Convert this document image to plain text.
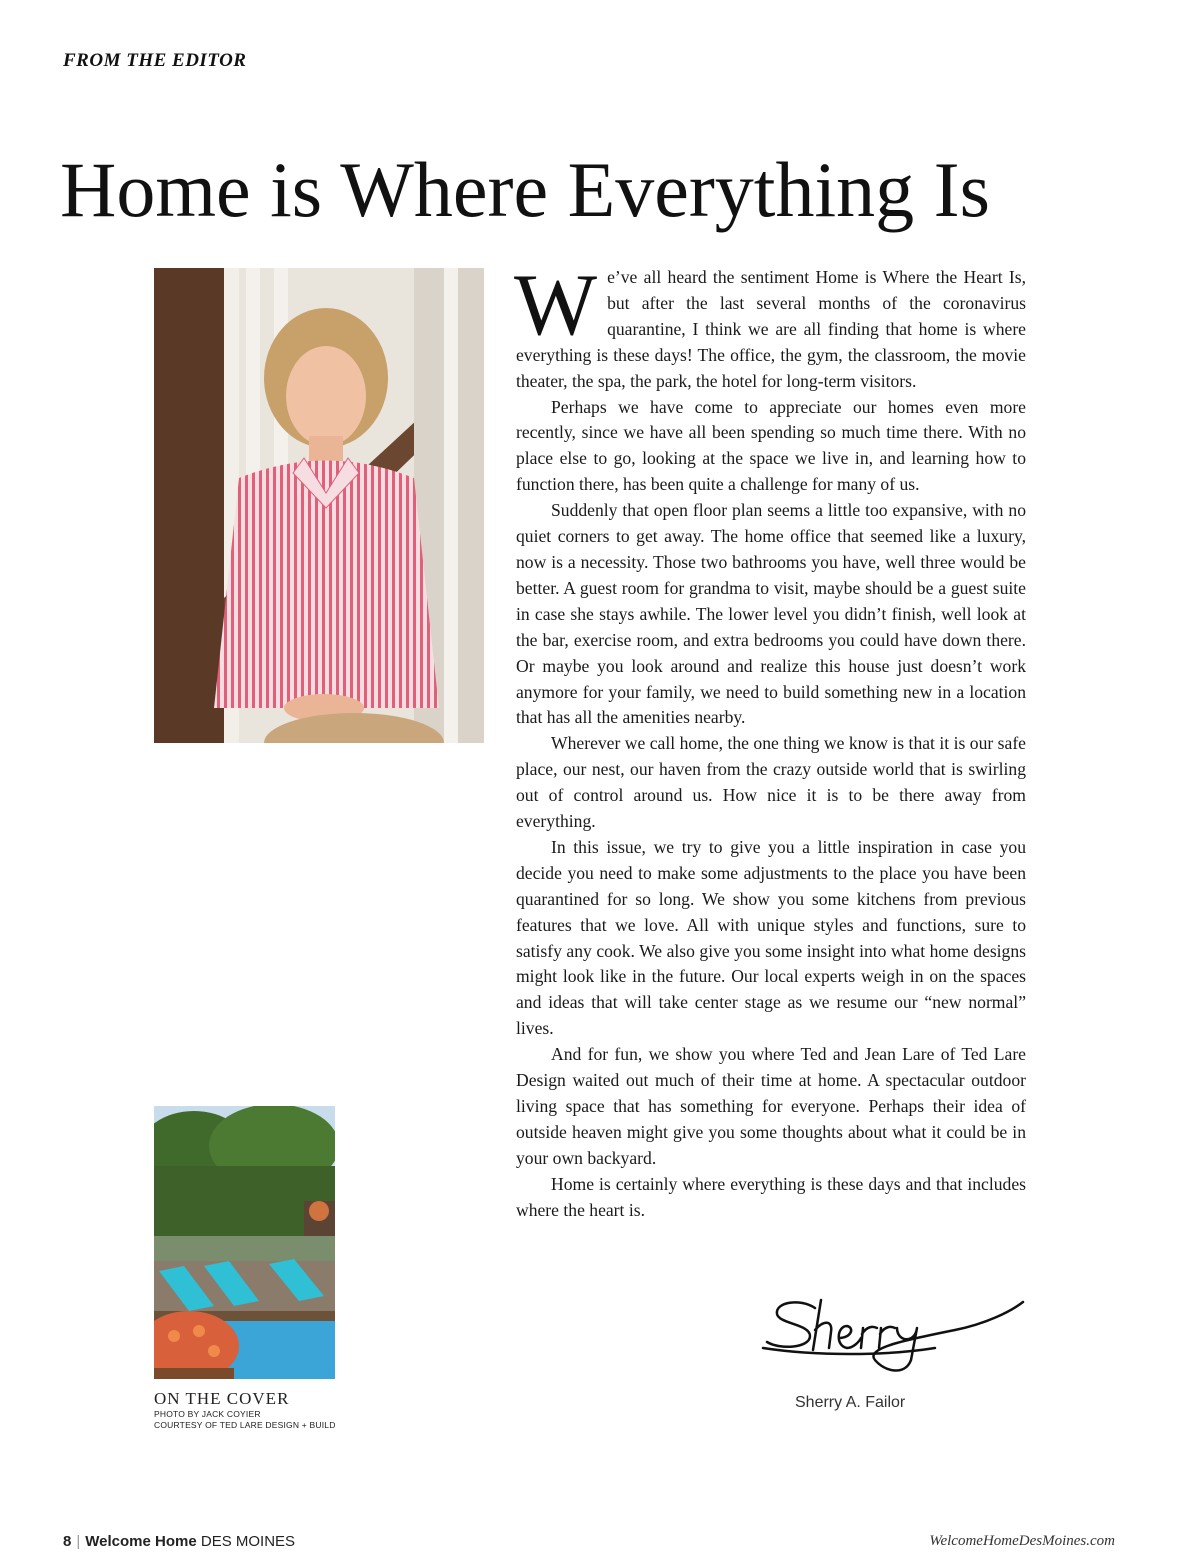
FROM THE EDITOR
Home is Where Everything Is

We’ve all heard the sentiment Home is Where the Heart Is, but after the last several months of the coronavirus quarantine, I think we are all finding that home is where everything is these days! The office, the gym, the classroom, the movie theater, the spa, the park, the hotel for long-term visitors.

Perhaps we have come to appreciate our homes even more recently, since we have all been spending so much time there. With no place else to go, looking at the space we live in, and learning how to function there, has been quite a challenge for many of us.

Suddenly that open floor plan seems a little too expansive, with no quiet corners to get away. The home office that seemed like a luxury, now is a necessity. Those two bathrooms you have, well three would be better. A guest room for grandma to visit, maybe should be a guest suite in case she stays awhile. The lower level you didn’t finish, well look at the bar, exercise room, and extra bedrooms you could have down there. Or maybe you look around and realize this house just doesn’t work anymore for your family, we need to build something new in a location that has all the amenities nearby.

Wherever we call home, the one thing we know is that it is our safe place, our nest, our haven from the crazy outside world that is swirling out of control around us. How nice it is to be there away from everything.

In this issue, we try to give you a little inspiration in case you decide you need to make some adjustments to the place you have been quarantined for so long. We show you some kitchens from previous features that we love. All with unique styles and functions, sure to satisfy any cook. We also give you some insight into what home designs might look like in the future. Our local experts weigh in on the spaces and ideas that will take center stage as we resume our “new normal” lives.

And for fun, we show you where Ted and Jean Lare of Ted Lare Design waited out much of their time at home. A spectacular outdoor living space that has something for everyone. Perhaps their idea of outside heaven might give you some thoughts about what it could be in your own backyard.

Home is certainly where everything is these days and that includes where the heart is.

ON THE COVER
PHOTO BY JACK COYIER
COURTESY OF TED LARE DESIGN + BUILD
Sherry A. Failor
8 | Welcome Home DES MOINES	WelcomeHomeDesMoines.com
